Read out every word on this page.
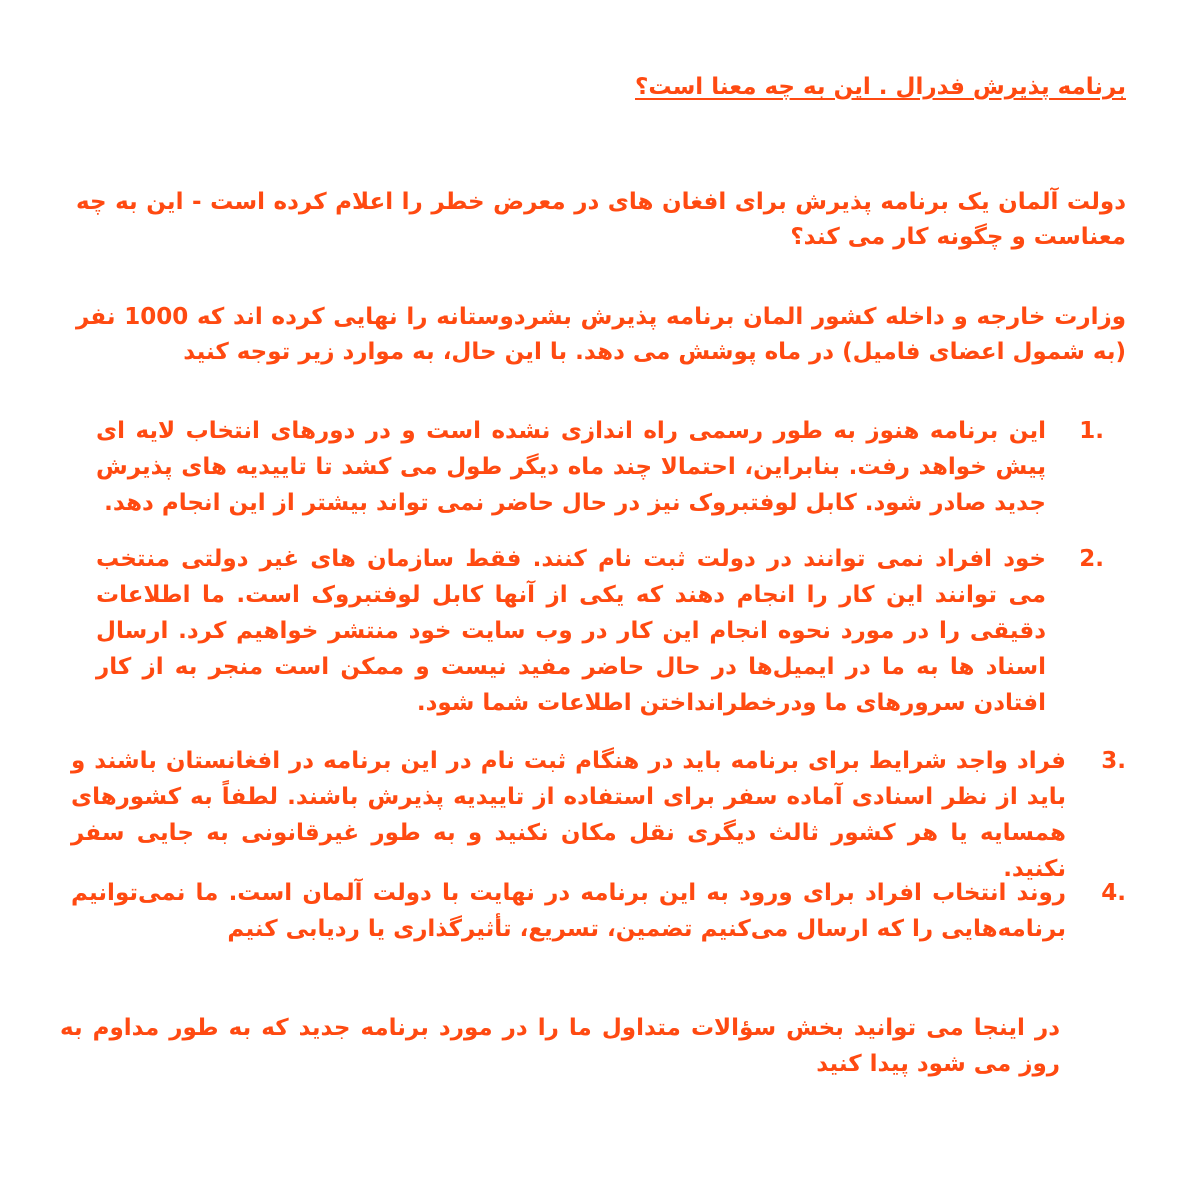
برنامه پذیرش فدرال . این به چه معنا است؟

دولت آلمان یک برنامه پذیرش برای افغان های در معرض خطر را اعلام کرده است - این به چه معناست و چگونه کار می کند؟

وزارت خارجه و داخله کشور المان برنامه پذیرش بشردوستانه را نهایی کرده اند که 1000 نفر (به شمول اعضای فامیل) در ماه پوشش می دهد. با این حال، به موارد زیر توجه کنید

1.
این برنامه هنوز به طور رسمی راه اندازی نشده است و در دورهای انتخاب لایه ای پیش خواهد رفت. بنابراین، احتمالا چند ماه دیگر طول می کشد تا تاییدیه های پذیرش جدید صادر شود. کابل لوفتبروک نیز در حال حاضر نمی تواند بیشتر از این انجام دهد.
2.
خود افراد نمی توانند در دولت ثبت نام کنند. فقط سازمان های غیر دولتی منتخب می توانند این کار را انجام دهند که یکی از آنها کابل لوفتبروک است. ما اطلاعات دقیقی را در مورد نحوه انجام این کار در وب سایت خود منتشر خواهیم کرد. ارسال اسناد ها به ما در ایمیل‌ها در حال حاضر مفید نیست و ممکن است منجر به از کار افتادن سرورهای ما ودرخطرانداختن اطلاعات شما شود.
3.
فراد واجد شرایط برای برنامه باید در هنگام ثبت نام در این برنامه در افغانستان باشند و باید از نظر اسنادی آماده سفر برای استفاده از تاییدیه پذیرش باشند. لطفاً به کشورهای همسایه یا هر کشور ثالث دیگری نقل مکان نکنید و به طور غیرقانونی به جایی سفر نکنید.
4.
روند انتخاب افراد برای ورود به این برنامه در نهایت با دولت آلمان است. ما نمی‌توانیم برنامه‌هایی را که ارسال می‌کنیم تضمین، تسریع، تأثیرگذاری یا ردیابی کنیم

در اینجا می توانید بخش سؤالات متداول ما را در مورد برنامه جدید که به طور مداوم به روز می شود پیدا کنید
